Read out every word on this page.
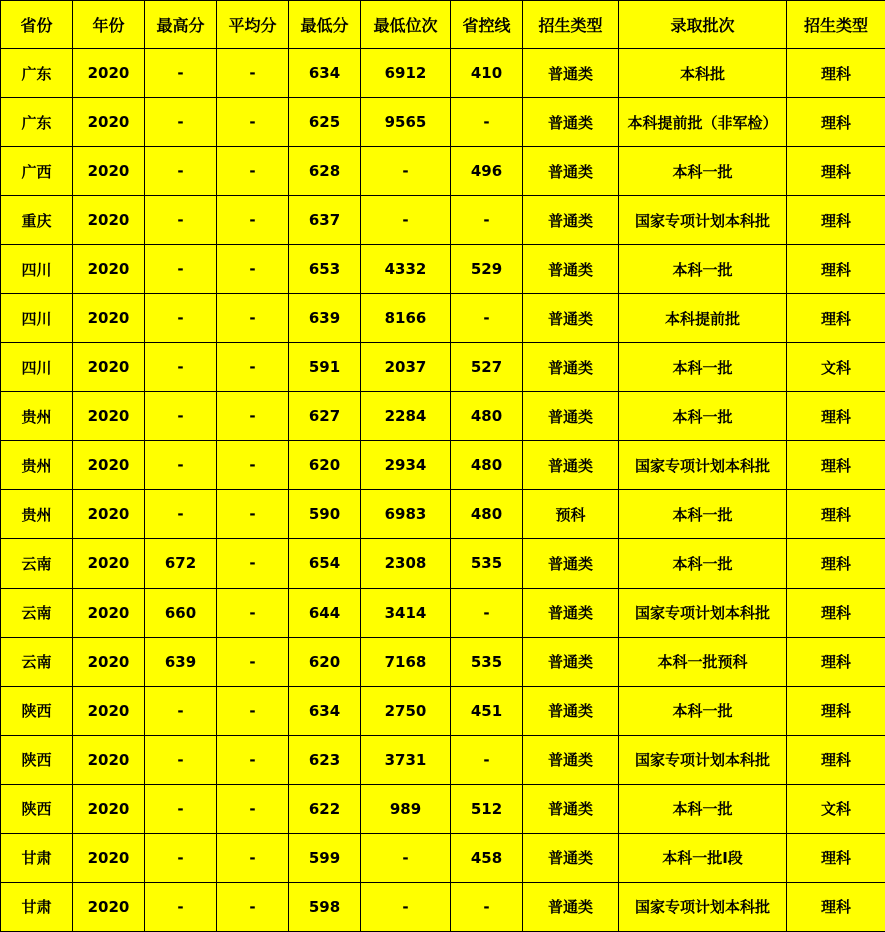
省份	年份	最高分	平均分	最低分	最低位次	省控线	招生类型	录取批次	招生类型
广东	2020	-	-	634	6912	410	普通类	本科批	理科
广东	2020	-	-	625	9565	-	普通类	本科提前批（非军检）	理科
广西	2020	-	-	628	-	496	普通类	本科一批	理科
重庆	2020	-	-	637	-	-	普通类	国家专项计划本科批	理科
四川	2020	-	-	653	4332	529	普通类	本科一批	理科
四川	2020	-	-	639	8166	-	普通类	本科提前批	理科
四川	2020	-	-	591	2037	527	普通类	本科一批	文科
贵州	2020	-	-	627	2284	480	普通类	本科一批	理科
贵州	2020	-	-	620	2934	480	普通类	国家专项计划本科批	理科
贵州	2020	-	-	590	6983	480	预科	本科一批	理科
云南	2020	672	-	654	2308	535	普通类	本科一批	理科
云南	2020	660	-	644	3414	-	普通类	国家专项计划本科批	理科
云南	2020	639	-	620	7168	535	普通类	本科一批预科	理科
陕西	2020	-	-	634	2750	451	普通类	本科一批	理科
陕西	2020	-	-	623	3731	-	普通类	国家专项计划本科批	理科
陕西	2020	-	-	622	989	512	普通类	本科一批	文科
甘肃	2020	-	-	599	-	458	普通类	本科一批I段	理科
甘肃	2020	-	-	598	-	-	普通类	国家专项计划本科批	理科
